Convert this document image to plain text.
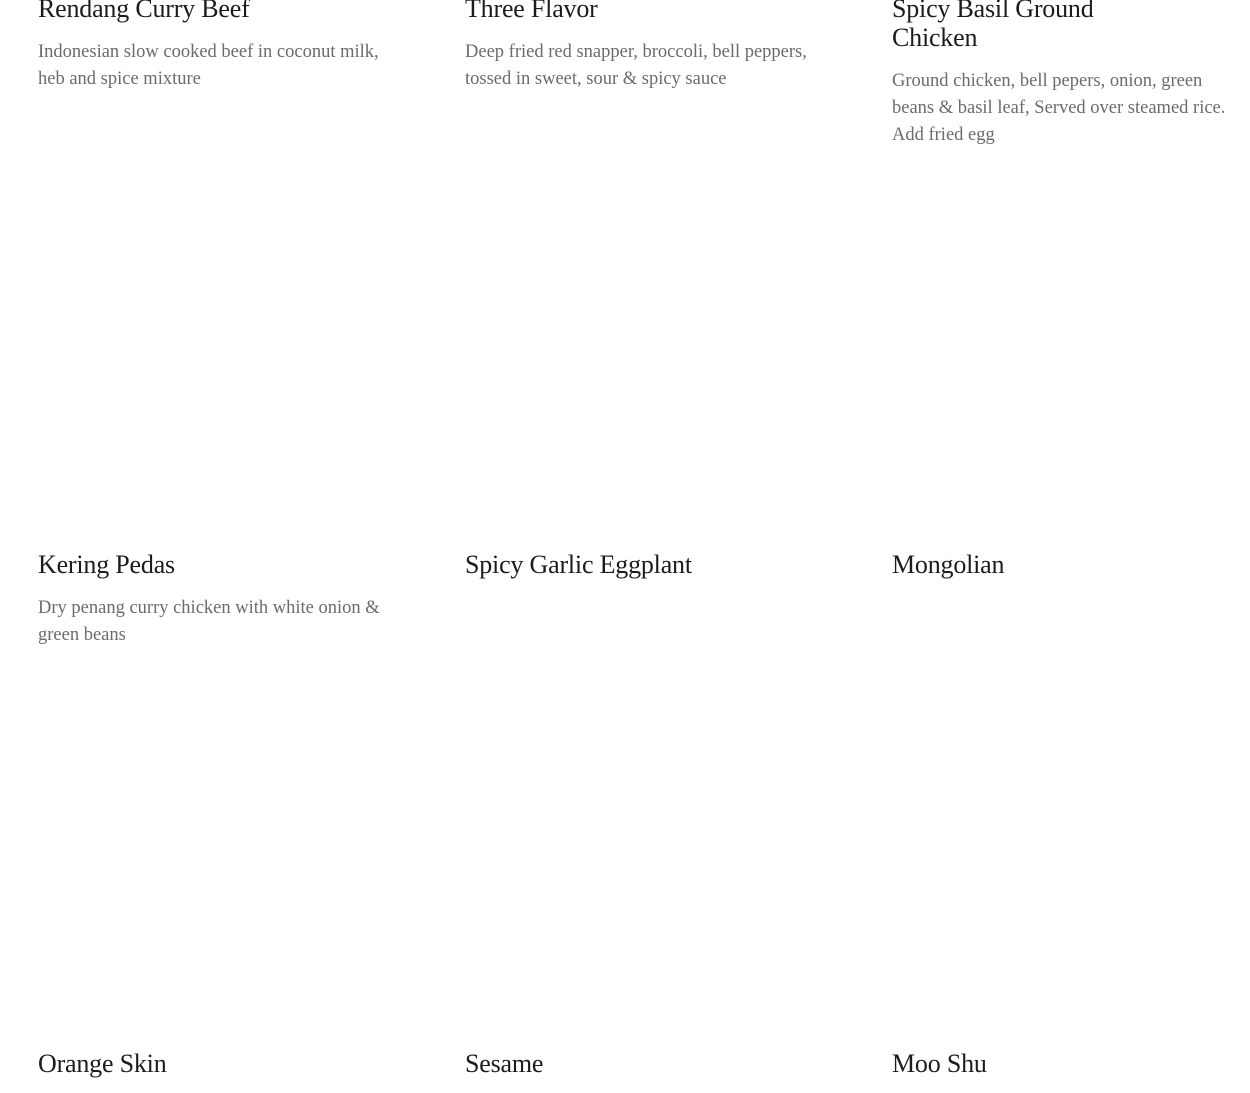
Rendang Curry Beef

Indonesian slow cooked beef in coconut milk, heb and spice mixture

Three Flavor

Deep fried red snapper, broccoli, bell peppers, tossed in sweet, sour & spicy sauce

Spicy Basil Ground Chicken

Ground chicken, bell pepers, onion, green beans & basil leaf, Served over steamed rice. Add fried egg

Kering Pedas

Dry penang curry chicken with white onion & green beans

Spicy Garlic Eggplant	Mongolian
Orange Skin	Sesame	Moo Shu
